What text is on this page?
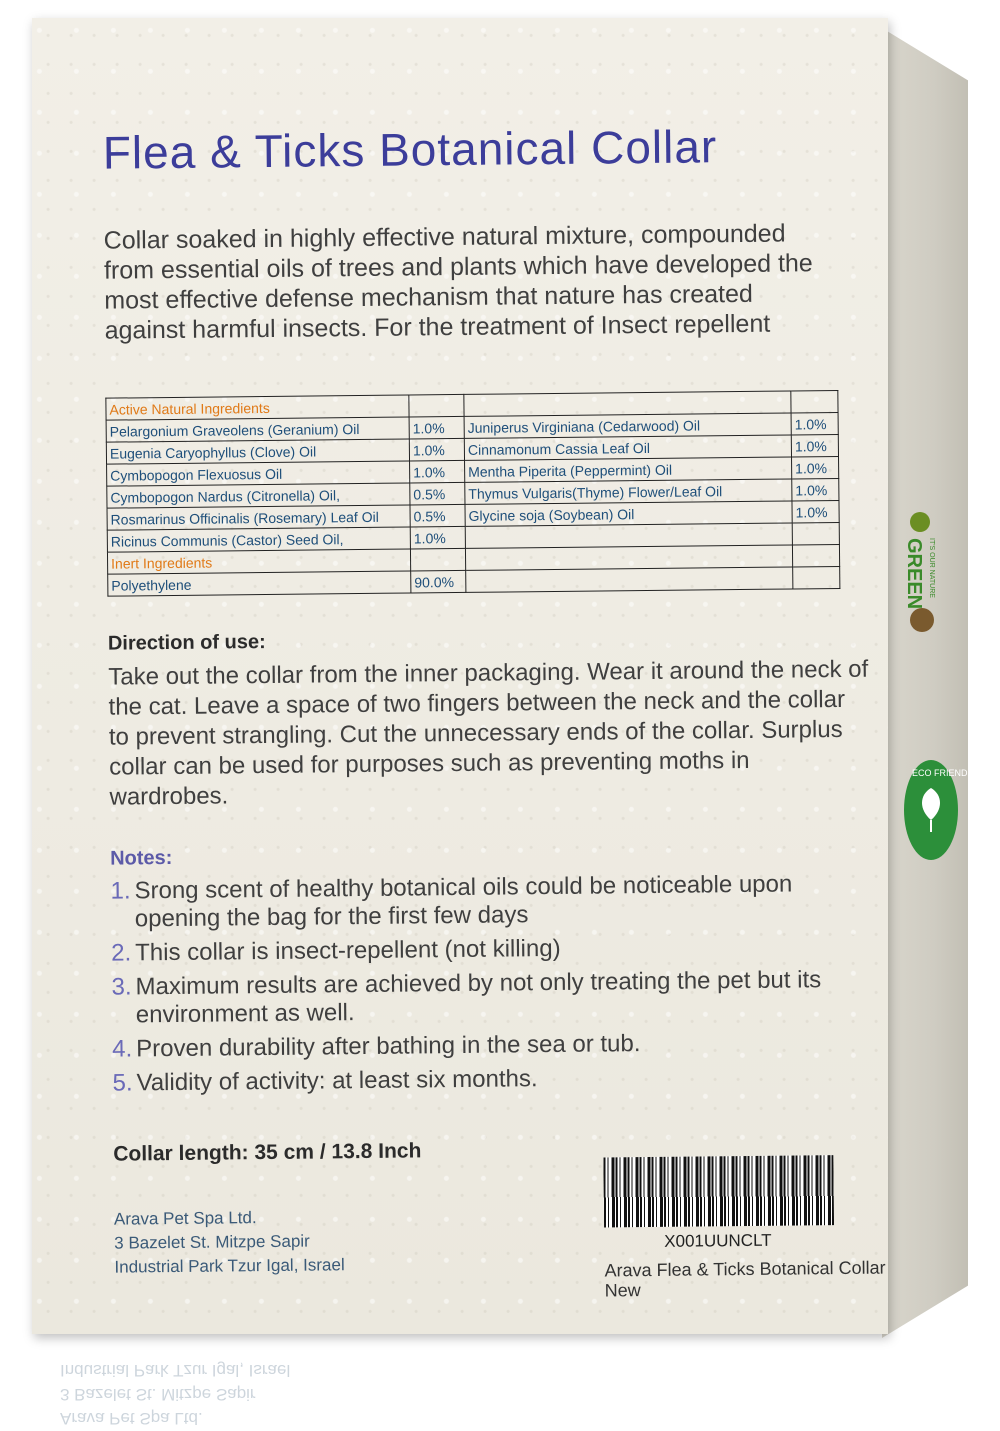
Flea & Ticks Botanical Collar
Collar soaked in highly effective natural mixture, compounded from essential oils of trees and plants which have developed the most effective defense mechanism that nature has created against harmful insects. For the treatment of Insect repellent
Active Natural Ingredients			
Pelargonium Graveolens (Geranium) Oil	1.0%	Juniperus Virginiana (Cedarwood) Oil	1.0%
Eugenia Caryophyllus (Clove) Oil	1.0%	Cinnamonum Cassia Leaf Oil	1.0%
Cymbopogon Flexuosus Oil	1.0%	Mentha Piperita (Peppermint) Oil	1.0%
Cymbopogon Nardus (Citronella) Oil,	0.5%	Thymus Vulgaris(Thyme) Flower/Leaf Oil	1.0%
Rosmarinus Officinalis (Rosemary) Leaf Oil	0.5%	Glycine soja (Soybean) Oil	1.0%
Ricinus Communis (Castor) Seed Oil,	1.0%		
Inert Ingredients			
Polyethylene	90.0%		
Direction of use:
Take out the collar from the inner packaging. Wear it around the neck of the cat. Leave a space of two fingers between the neck and the collar to prevent strangling. Cut the unnecessary ends of the collar. Surplus collar can be used for purposes such as preventing moths in wardrobes.
Notes:
1. Srong scent of healthy botanical oils could be noticeable upon opening the bag for the first few days
2. This collar is insect-repellent (not killing)
3. Maximum results are achieved by not only treating the pet but its environment as well.
4. Proven durability after bathing in the sea or tub.
5. Validity of activity: at least six months.
Collar length: 35 cm / 13.8 Inch
Arava Pet Spa Ltd.
3 Bazelet St. Mitzpe Sapir
Industrial Park Tzur Igal, Israel
X001UUNCLT
Arava Flea & Ticks Botanical Collar New
GREEN IT'S OUR NATURE
ECO FRIENDLY
Arava Pet Spa Ltd.
3 Bazelet St. Mitzpe Sapir
Industrial Park Tzur Igal, Israel
